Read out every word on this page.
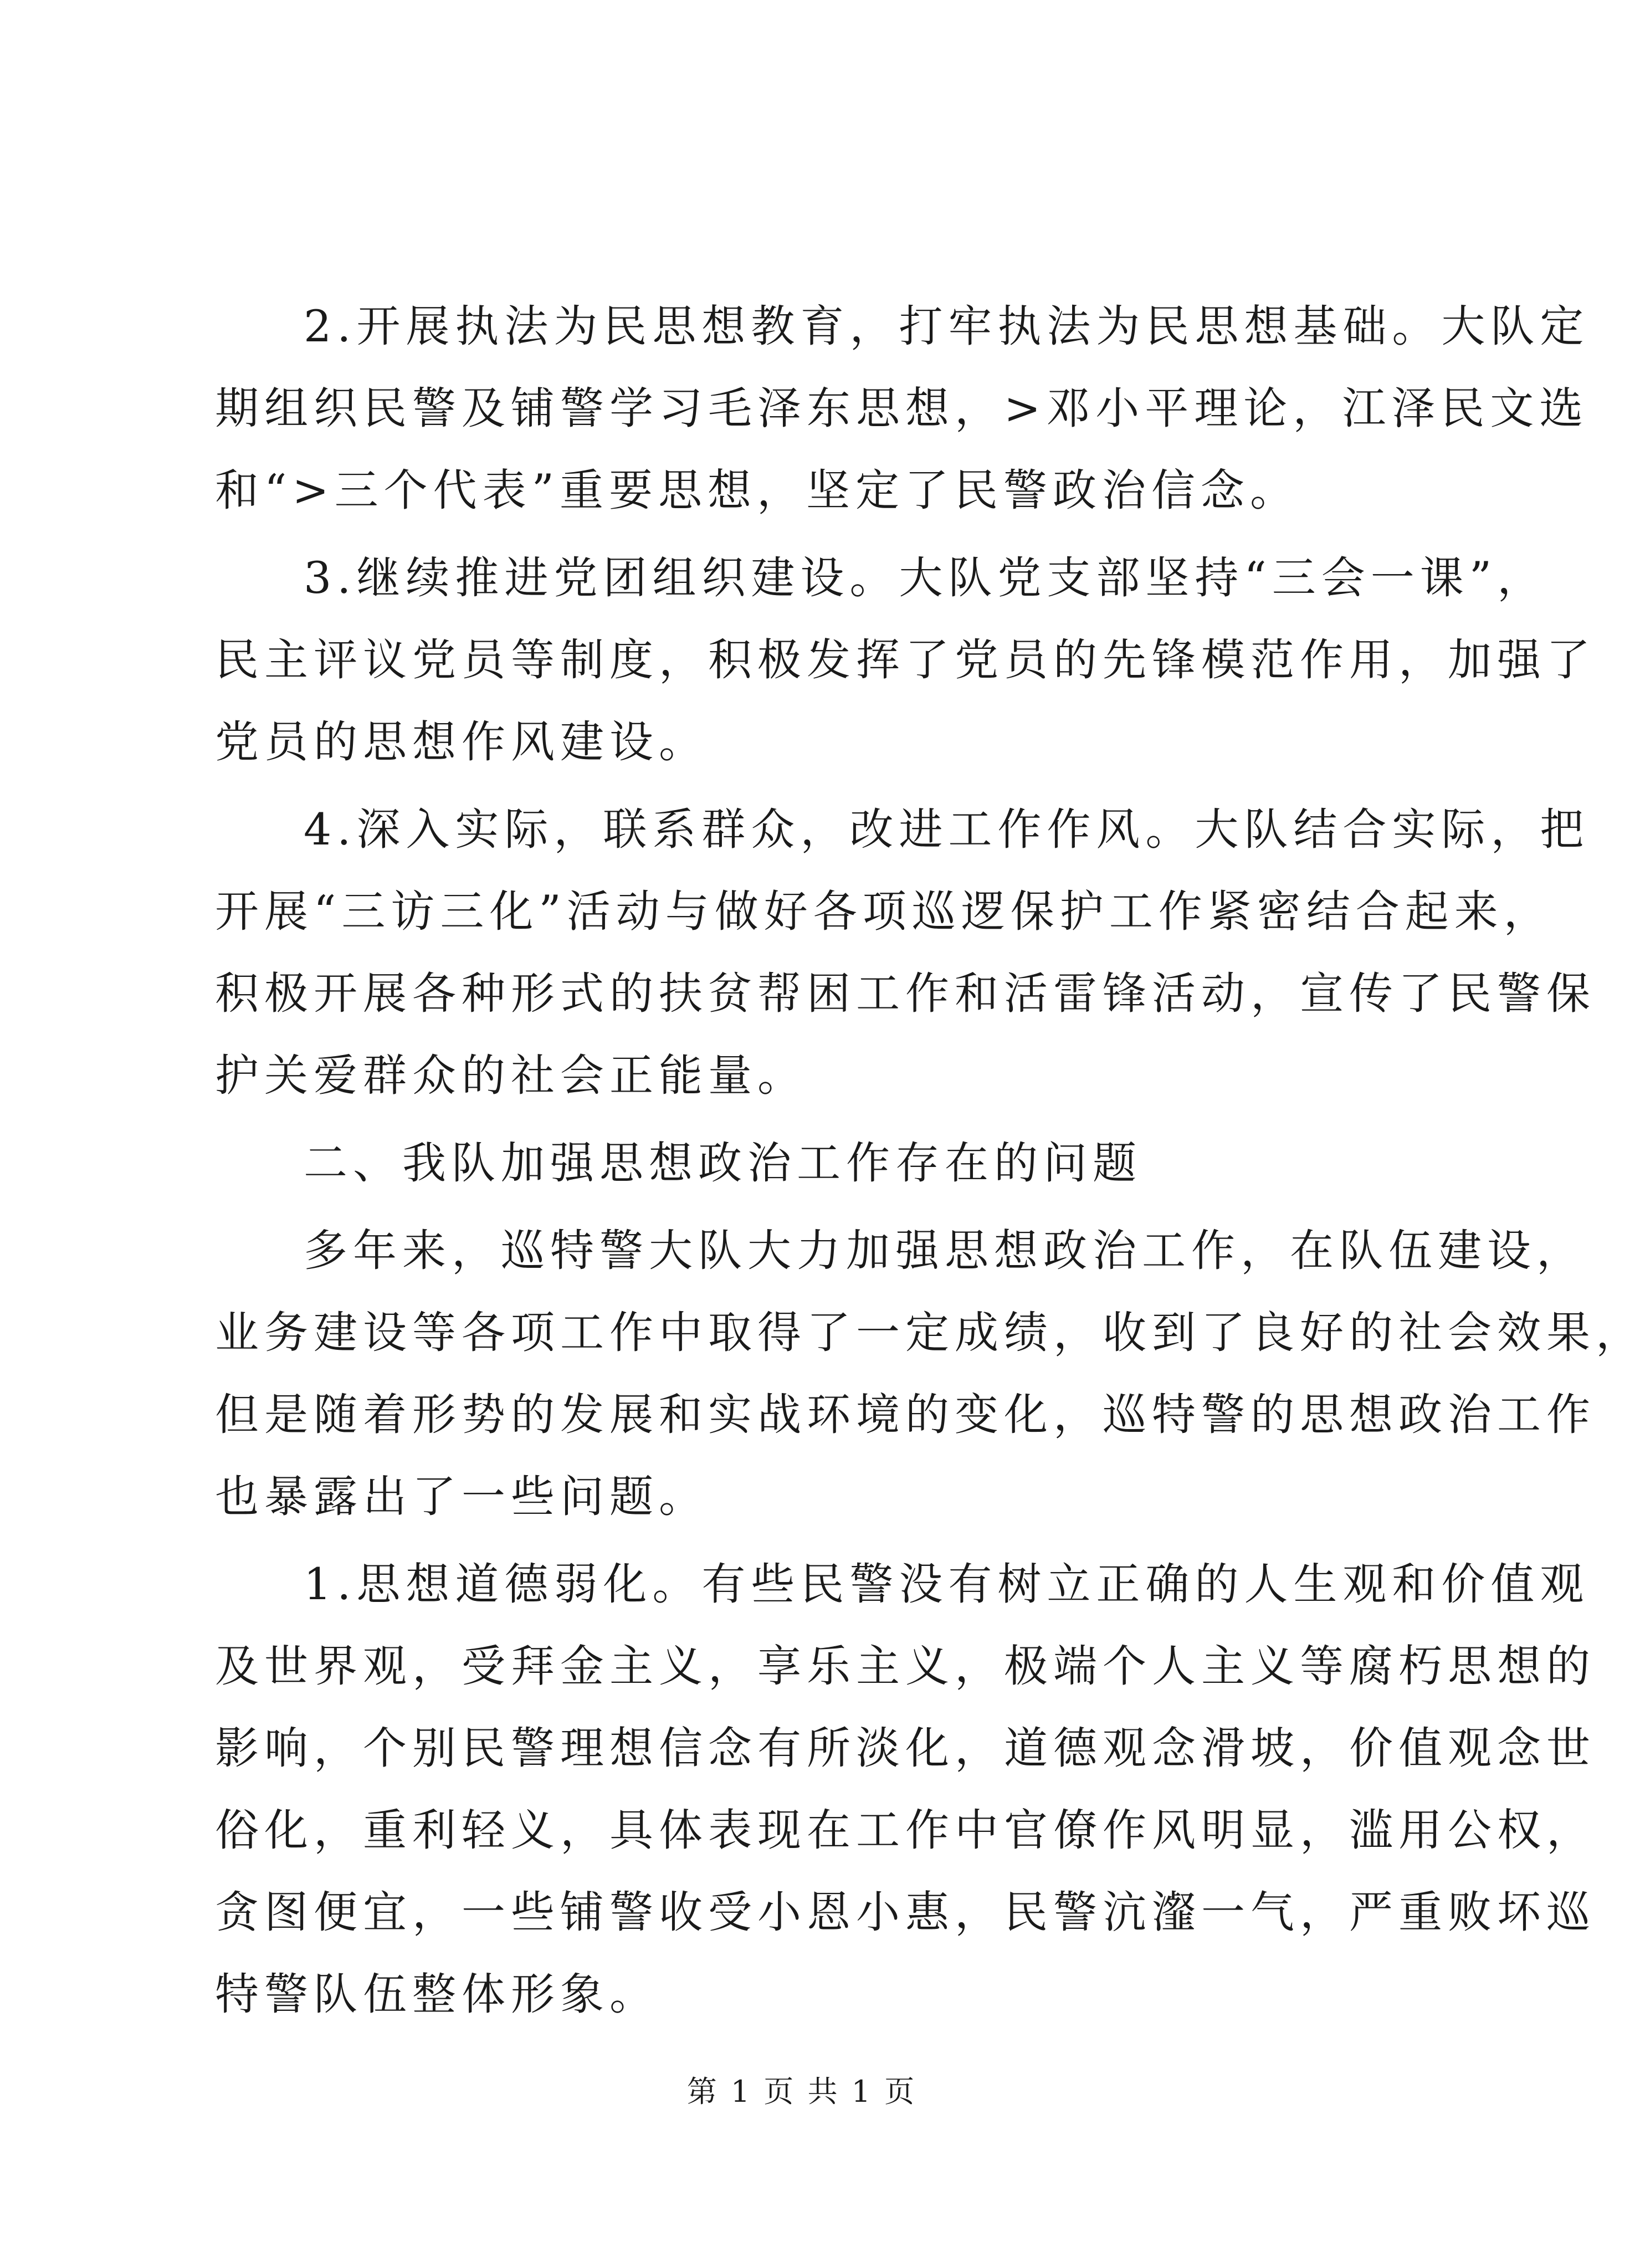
2.开展执法为民思想教育，打牢执法为民思想基础。大队定
期组织民警及铺警学习毛泽东思想，>邓小平理论，江泽民文选
和“>三个代表”重要思想，坚定了民警政治信念。
3.继续推进党团组织建设。大队党支部坚持“三会一课”，
民主评议党员等制度，积极发挥了党员的先锋模范作用，加强了
党员的思想作风建设。
4.深入实际，联系群众，改进工作作风。大队结合实际，把
开展“三访三化”活动与做好各项巡逻保护工作紧密结合起来，
积极开展各种形式的扶贫帮困工作和活雷锋活动，宣传了民警保
护关爱群众的社会正能量。
二、我队加强思想政治工作存在的问题
多年来，巡特警大队大力加强思想政治工作，在队伍建设，
业务建设等各项工作中取得了一定成绩，收到了良好的社会效果，
但是随着形势的发展和实战环境的变化，巡特警的思想政治工作
也暴露出了一些问题。
1.思想道德弱化。有些民警没有树立正确的人生观和价值观
及世界观，受拜金主义，享乐主义，极端个人主义等腐朽思想的
影响，个别民警理想信念有所淡化，道德观念滑坡，价值观念世
俗化，重利轻义，具体表现在工作中官僚作风明显，滥用公权，
贪图便宜，一些铺警收受小恩小惠，民警沆瀣一气，严重败坏巡
特警队伍整体形象。
第 1 页 共 1 页
